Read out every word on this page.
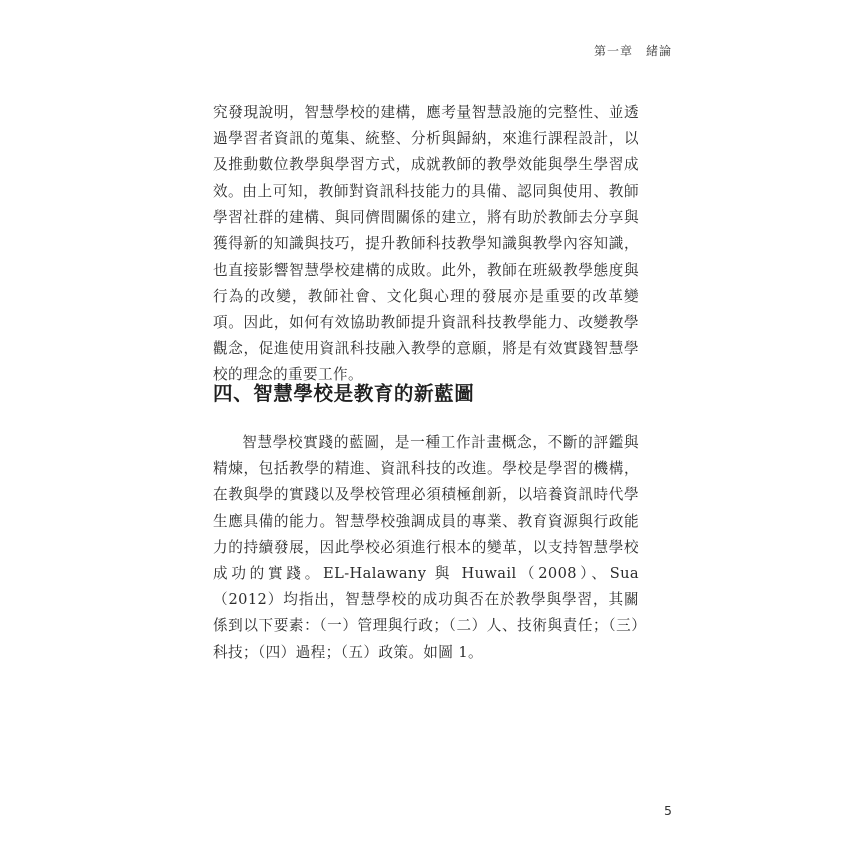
第一章　緒論

究發現說明，智慧學校的建構，應考量智慧設施的完整性、並透過學習者資訊的蒐集、統整、分析與歸納，來進行課程設計，以及推動數位教學與學習方式，成就教師的教學效能與學生學習成效。 由上可知，教師對資訊科技能力的具備、認同與使用、教師學習社群的建構、與同儕間關係的建立，將有助於教師去分享與獲得新的知識與技巧，提升教師科技教學知識與教學內容知識，也直接影響智慧學校建構的成敗。此外，教師在班級教學態度與行為的改變，教師社會、文化與心理的發展亦是重要的改革變項。因此，如何有效協助教師提升資訊科技教學能力、改變教學觀念，促進使用資訊科技融入教學的意願，將是有效實踐智慧學校的理念的重要工作。

四、智慧學校是教育的新藍圖

智慧學校實踐的藍圖，是一種工作計畫概念，不斷的評鑑與精煉，包括教學的精進、資訊科技的改進。學校是學習的機構，在教與學的實踐以及學校管理必須積極創新，以培養資訊時代學生應具備的能力。智慧學校強調成員的專業、教育資源與行政能力的持續發展，因此學校必須進行根本的變革，以支持智慧學校成功的實踐。EL-Halawany 與 Huwail（2008）、Sua（2012）均指出，智慧學校的成功與否在於教學與學習，其關係到以下要素：（一）管理與行政；（二）人、技術與責任；（三）科技；（四）過程；（五）政策。如圖 1。

5
